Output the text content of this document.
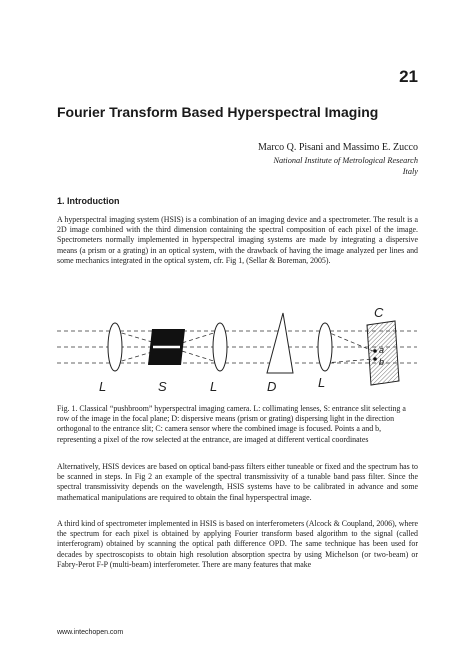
21
Fourier Transform Based Hyperspectral Imaging
Marco Q. Pisani and Massimo E. Zucco
National Institute of Metrological Research
Italy
1. Introduction

A hyperspectral imaging system (HSIS) is a combination of an imaging device and a spectrometer. The result is a 2D image combined with the third dimension containing the spectral composition of each pixel of the image. Spectrometers normally implemented in hyperspectral imaging systems are made by integrating a dispersive means (a prism or a grating) in an optical system, with the drawback of having the image analyzed per lines and some mechanics integrated in the optical system, cfr. Fig 1, (Sellar & Boreman, 2005).

L	S	L	D	L
C
a
b

Fig. 1. Classical “pushbroom” hyperspectral imaging camera. L: collimating lenses, S: entrance slit selecting a row of the image in the focal plane; D: dispersive means (prism or grating) dispersing light in the direction orthogonal to the entrance slit; C: camera sensor where the combined image is focused. Points a and b, representing a pixel of the row selected at the entrance, are imaged at different vertical coordinates

Alternatively, HSIS devices are based on optical band-pass filters either tuneable or fixed and the spectrum has to be scanned in steps. In Fig 2 an example of the spectral transmissivity of a tunable band pass filter. Since the spectral transmissivity depends on the wavelength, HSIS systems have to be calibrated in advance and some mathematical manipulations are required to obtain the final hyperspectral image.

A third kind of spectrometer implemented in HSIS is based on interferometers (Alcock & Coupland, 2006), where the spectrum for each pixel is obtained by applying Fourier transform based algorithm to the signal (called interferogram) obtained by scanning the optical path difference OPD. The same technique has been used for decades by spectroscopists to obtain high resolution absorption spectra by using Michelson (or two-beam) or Fabry-Perot F-P (multi-beam) interferometer. There are many features that make

www.intechopen.com
